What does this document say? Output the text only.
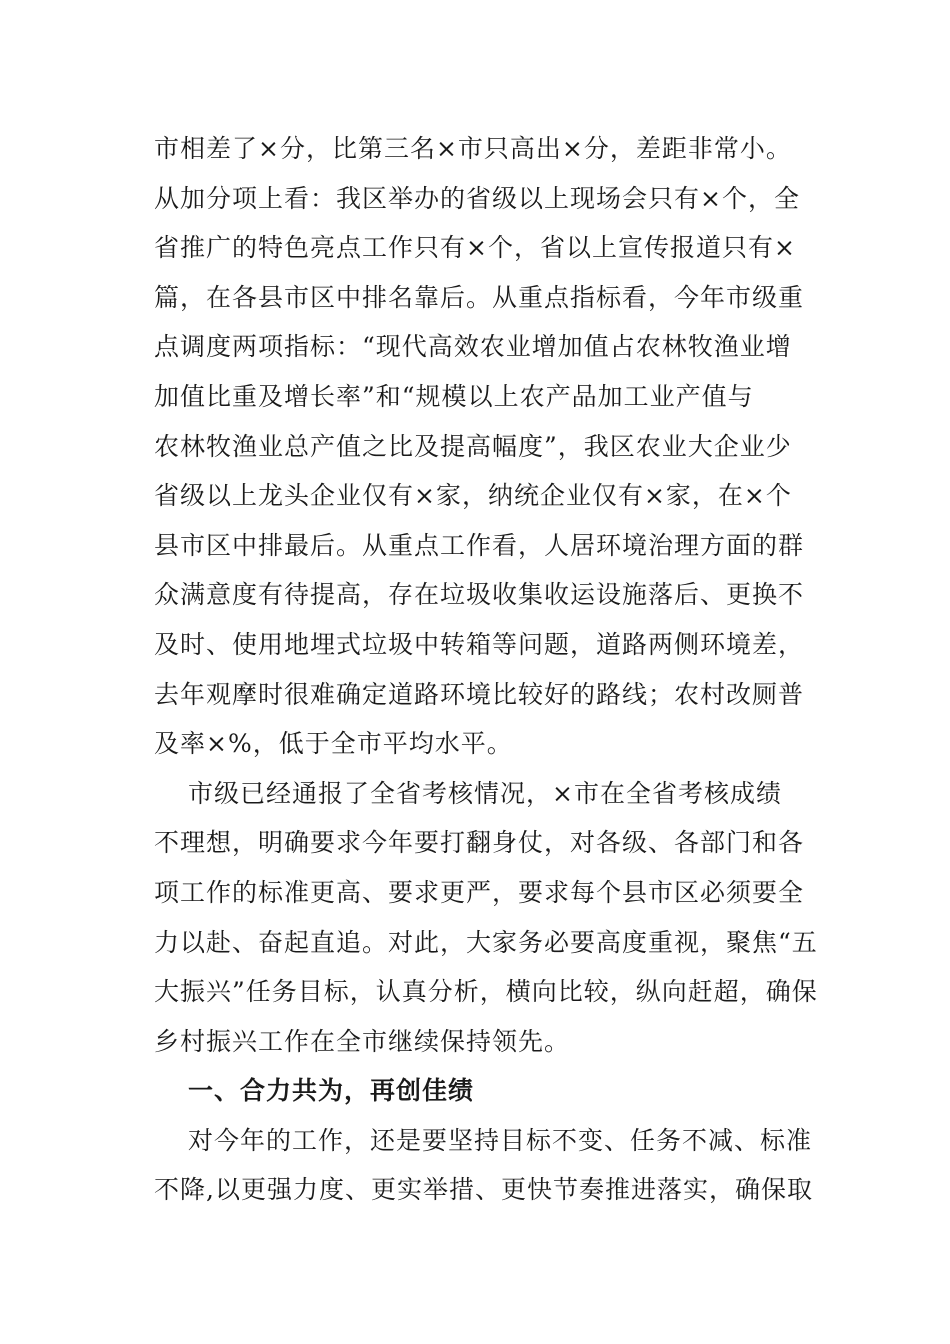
市相差了×分，比第三名×市只高出×分，差距非常小。
从加分项上看：我区举办的省级以上现场会只有×个，全
省推广的特色亮点工作只有×个，省以上宣传报道只有×
篇，在各县市区中排名靠后。从重点指标看，今年市级重
点调度两项指标：“现代高效农业增加值占农林牧渔业增
加值比重及增长率”和“规模以上农产品加工业产值与
农林牧渔业总产值之比及提高幅度”，我区农业大企业少
省级以上龙头企业仅有×家，纳统企业仅有×家，在×个
县市区中排最后。从重点工作看，人居环境治理方面的群
众满意度有待提高，存在垃圾收集收运设施落后、更换不
及时、使用地埋式垃圾中转箱等问题，道路两侧环境差，
去年观摩时很难确定道路环境比较好的路线；农村改厕普
及率×%，低于全市平均水平。
市级已经通报了全省考核情况，×市在全省考核成绩
不理想，明确要求今年要打翻身仗，对各级、各部门和各
项工作的标准更高、要求更严，要求每个县市区必须要全
力以赴、奋起直追。对此，大家务必要高度重视，聚焦“五
大振兴”任务目标，认真分析，横向比较，纵向赶超，确保
乡村振兴工作在全市继续保持领先。
一、合力共为，再创佳绩
对今年的工作，还是要坚持目标不变、任务不减、标准
不降,以更强力度、更实举措、更快节奏推进落实，确保取
